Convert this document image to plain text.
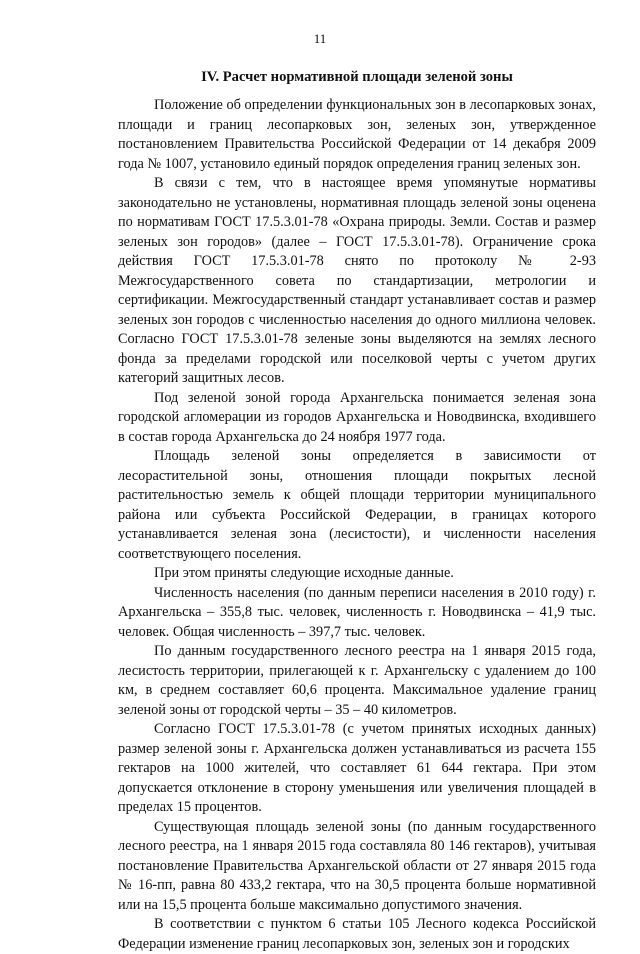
11
IV. Расчет нормативной площади зеленой зоны

Положение об определении функциональных зон в лесопарковых зонах, площади и границ лесопарковых зон, зеленых зон, утвержденное постановлением Правительства Российской Федерации от 14 декабря 2009 года № 1007, установило единый порядок определения границ зеленых зон.

В связи с тем, что в настоящее время упомянутые нормативы законодательно не установлены, нормативная площадь зеленой зоны оценена по нормативам ГОСТ 17.5.3.01-78 «Охрана природы. Земли. Состав и размер зеленых зон городов» (далее – ГОСТ 17.5.3.01-78). Ограничение срока действия ГОСТ 17.5.3.01-78 снято по протоколу № 2-93 Межгосударственного совета по стандартизации, метрологии и сертификации. Межгосударственный стандарт устанавливает состав и размер зеленых зон городов с численностью населения до одного миллиона человек. Согласно ГОСТ 17.5.3.01-78 зеленые зоны выделяются на землях лесного фонда за пределами городской или поселковой черты с учетом других категорий защитных лесов.

Под зеленой зоной города Архангельска понимается зеленая зона городской агломерации из городов Архангельска и Новодвинска, входившего в состав города Архангельска до 24 ноября 1977 года.

Площадь зеленой зоны определяется в зависимости от лесорастительной зоны, отношения площади покрытых лесной растительностью земель к общей площади территории муниципального района или субъекта Российской Федерации, в границах которого устанавливается зеленая зона (лесистости), и численности населения соответствующего поселения.

При этом приняты следующие исходные данные.

Численность населения (по данным переписи населения в 2010 году) г. Архангельска – 355,8 тыс. человек, численность г. Новодвинска – 41,9 тыс. человек. Общая численность – 397,7 тыс. человек.

По данным государственного лесного реестра на 1 января 2015 года, лесистость территории, прилегающей к г. Архангельску с удалением до 100 км, в среднем составляет 60,6 процента. Максимальное удаление границ зеленой зоны от городской черты – 35 – 40 километров.

Согласно ГОСТ 17.5.3.01-78 (с учетом принятых исходных данных) размер зеленой зоны г. Архангельска должен устанавливаться из расчета 155 гектаров на 1000 жителей, что составляет 61 644 гектара. При этом допускается отклонение в сторону уменьшения или увеличения площадей в пределах 15 процентов.

Существующая площадь зеленой зоны (по данным государственного лесного реестра, на 1 января 2015 года составляла 80 146 гектаров), учитывая постановление Правительства Архангельской области от 27 января 2015 года № 16-пп, равна 80 433,2 гектара, что на 30,5 процента больше нормативной или на 15,5 процента больше максимально допустимого значения.

В соответствии с пунктом 6 статьи 105 Лесного кодекса Российской Федерации изменение границ лесопарковых зон, зеленых зон и городских
